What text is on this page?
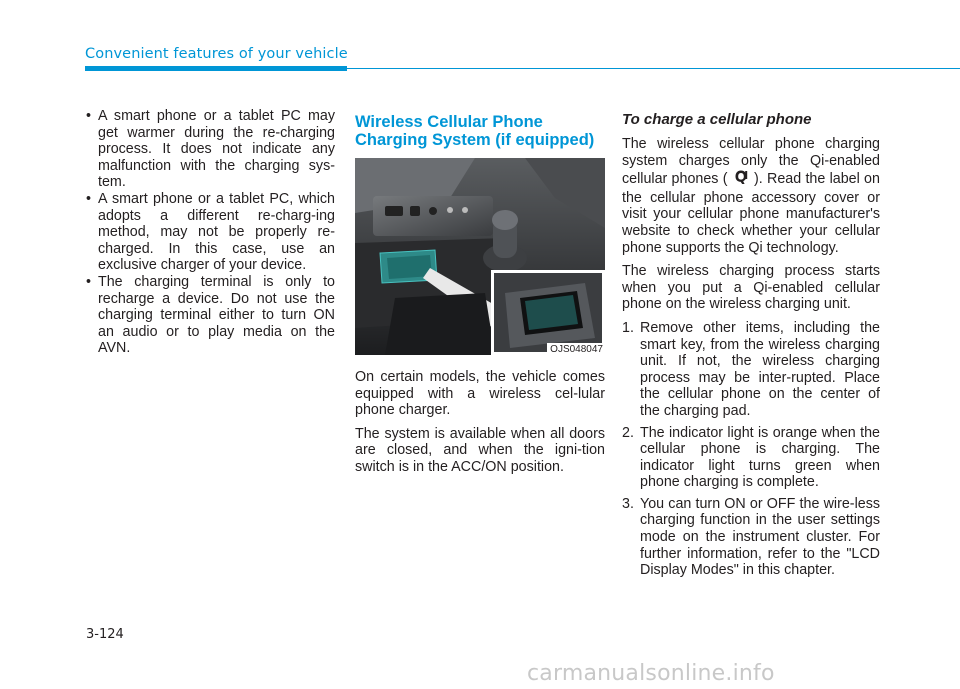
Convenient features of your vehicle
• A smart phone or a tablet PC may get warmer during the re-charging process. It does not indicate any malfunction with the charging sys-tem.
• A smart phone or a tablet PC, which adopts a different re-charg-ing method, may not be properly re-charged. In this case, use an exclusive charger of your device.
• The charging terminal is only to recharge a device. Do not use the charging terminal either to turn ON an audio or to play media on the AVN.
Wireless Cellular Phone Charging System (if equipped)
OJS048047

On certain models, the vehicle comes equipped with a wireless cel-lular phone charger.

The system is available when all doors are closed, and when the igni-tion switch is in the ACC/ON position.

To charge a cellular phone

The wireless cellular phone charging system charges only the Qi-enabled cellular phones ( ). Read the label on the cellular phone accessory cover or visit your cellular phone manufacturer's website to check whether your cellular phone supports the Qi technology.

The wireless charging process starts when you put a Qi-enabled cellular phone on the wireless charging unit.

1. Remove other items, including the smart key, from the wireless charging unit. If not, the wireless charging process may be inter-rupted. Place the cellular phone on the center of the charging pad.
2. The indicator light is orange when the cellular phone is charging. The indicator light turns green when phone charging is complete.
3. You can turn ON or OFF the wire-less charging function in the user settings mode on the instrument cluster. For further information, refer to the "LCD Display Modes" in this chapter.
3-124
carmanualsonline.info
